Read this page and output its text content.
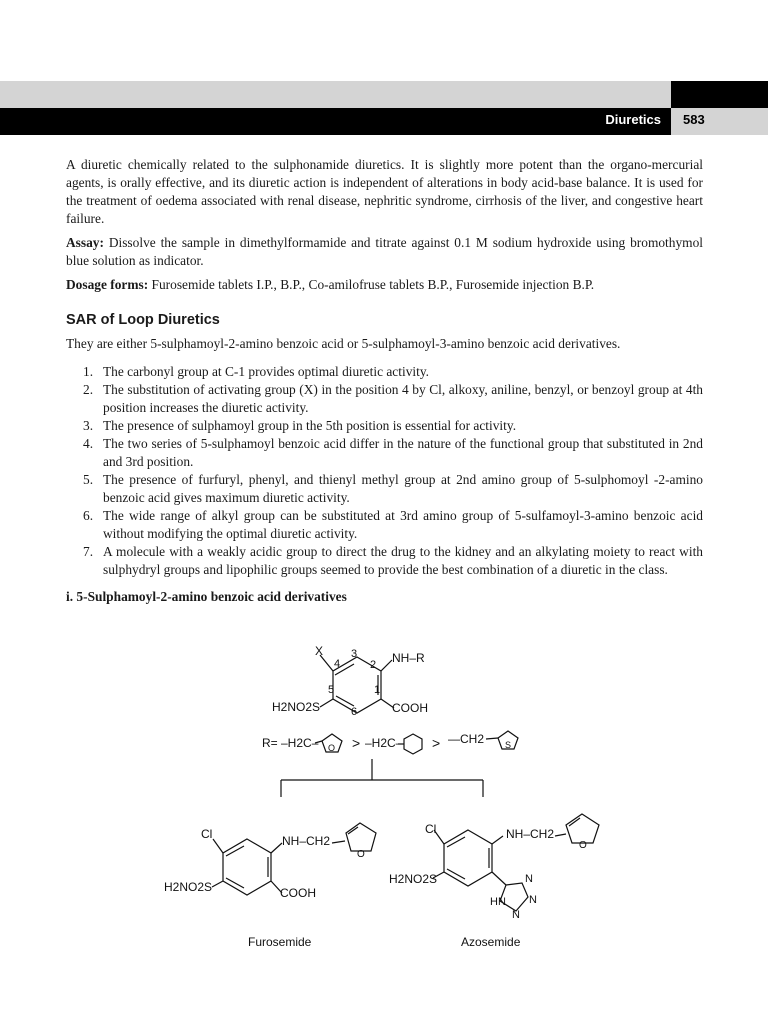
Diuretics	583

A diuretic chemically related to the sulphonamide diuretics. It is slightly more potent than the organo-mercurial agents, is orally effective, and its diuretic action is independent of alterations in body acid-base balance. It is used for the treatment of oedema associated with renal disease, nephritic syndrome, cirrhosis of the liver, and congestive heart failure.

Assay: Dissolve the sample in dimethylformamide and titrate against 0.1 M sodium hydroxide using bromothymol blue solution as indicator.

Dosage forms: Furosemide tablets I.P., B.P., Co-amilofruse tablets B.P., Furosemide injection B.P.

SAR of Loop Diuretics

They are either 5-sulphamoyl-2-amino benzoic acid or 5-sulphamoyl-3-amino benzoic acid derivatives.

1. The carbonyl group at C-1 provides optimal diuretic activity.
2. The substitution of activating group (X) in the position 4 by Cl, alkoxy, aniline, benzyl, or benzoyl group at 4th position increases the diuretic activity.
3. The presence of sulphamoyl group in the 5th position is essential for activity.
4. The two series of 5-sulphamoyl benzoic acid differ in the nature of the functional group that substituted in 2nd and 3rd position.
5. The presence of furfuryl, phenyl, and thienyl methyl group at 2nd amino group of 5-sulphomoyl -2-amino benzoic acid gives maximum diuretic activity.
6. The wide range of alkyl group can be substituted at 3rd amino group of 5-sulfamoyl-3-amino benzoic acid without modifying the optimal diuretic activity.
7. A molecule with a weakly acidic group to direct the drug to the kidney and an alkylating moiety to react with sulphydryl groups and lipophilic groups seemed to provide the best combination of a diuretic in the class.
i. 5-Sulphamoyl-2-amino benzoic acid derivatives
X	3
4	2
1
5
6
NH–R
COOH
H2NO2S
R= –H2C– O > –H2C– > —CH2 S
Cl	NH–CH2
O
H2NO2S	COOH
Furosemide
Cl	NH–CH2
O
H2NO2S	N
HN N
N
Azosemide
